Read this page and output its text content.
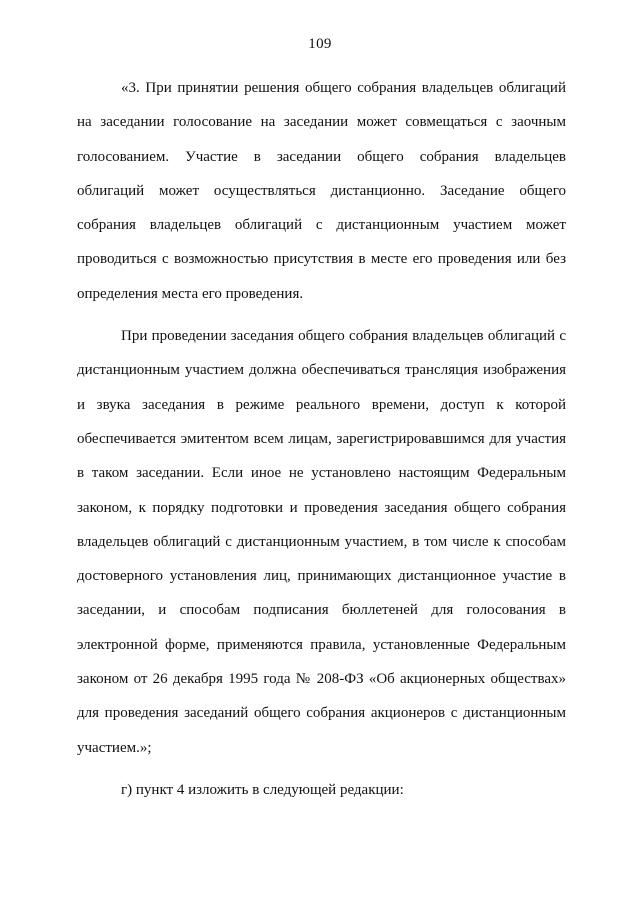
109
«3. При принятии решения общего собрания владельцев облигаций
на заседании голосование на заседании может совмещаться с заочным
голосованием. Участие в заседании общего собрания владельцев
облигаций может осуществляться дистанционно. Заседание общего
собрания владельцев облигаций с дистанционным участием может
проводиться с возможностью присутствия в месте его проведения или без
определения места его проведения.
При проведении заседания общего собрания владельцев облигаций с
дистанционным участием должна обеспечиваться трансляция изображения
и звука заседания в режиме реального времени, доступ к которой
обеспечивается эмитентом всем лицам, зарегистрировавшимся для участия
в таком заседании. Если иное не установлено настоящим Федеральным
законом, к порядку подготовки и проведения заседания общего собрания
владельцев облигаций с дистанционным участием, в том числе к способам
достоверного установления лиц, принимающих дистанционное участие в
заседании, и способам подписания бюллетеней для голосования в
электронной форме, применяются правила, установленные Федеральным
законом от 26 декабря 1995 года № 208-ФЗ «Об акционерных обществах»
для проведения заседаний общего собрания акционеров с дистанционным
участием.»;
г) пункт 4 изложить в следующей редакции:
